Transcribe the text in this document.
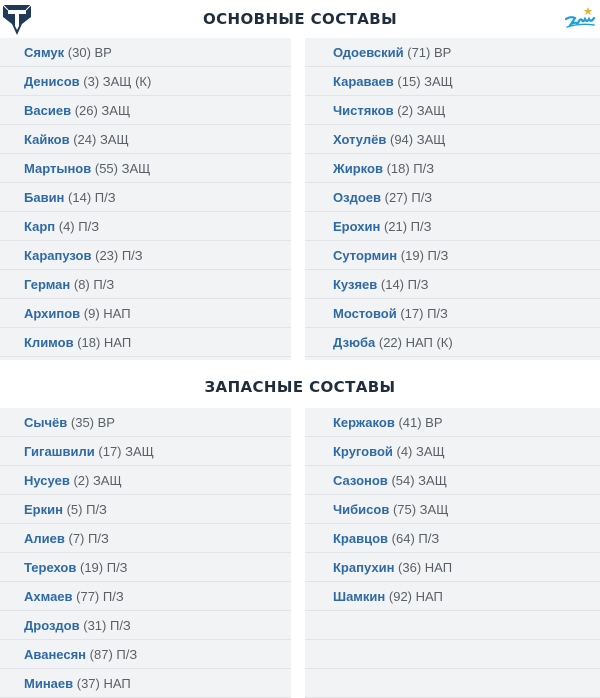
ОСНОВНЫЕ СОСТАВЫ
Сямук (30) ВР
Денисов (3) ЗАЩ (К)
Васиев (26) ЗАЩ
Кайков (24) ЗАЩ
Мартынов (55) ЗАЩ
Бавин (14) П/З
Карп (4) П/З
Карапузов (23) П/З
Герман (8) П/З
Архипов (9) НАП
Климов (18) НАП
Одоевский (71) ВР
Караваев (15) ЗАЩ
Чистяков (2) ЗАЩ
Хотулёв (94) ЗАЩ
Жирков (18) П/З
Оздоев (27) П/З
Ерохин (21) П/З
Сутормин (19) П/З
Кузяев (14) П/З
Мостовой (17) П/З
Дзюба (22) НАП (К)
ЗАПАСНЫЕ СОСТАВЫ
Сычёв (35) ВР
Гигашвили (17) ЗАЩ
Нусуев (2) ЗАЩ
Еркин (5) П/З
Алиев (7) П/З
Терехов (19) П/З
Ахмаев (77) П/З
Дроздов (31) П/З
Аванесян (87) П/З
Минаев (37) НАП
Кержаков (41) ВР
Круговой (4) ЗАЩ
Сазонов (54) ЗАЩ
Чибисов (75) ЗАЩ
Кравцов (64) П/З
Крапухин (36) НАП
Шамкин (92) НАП
